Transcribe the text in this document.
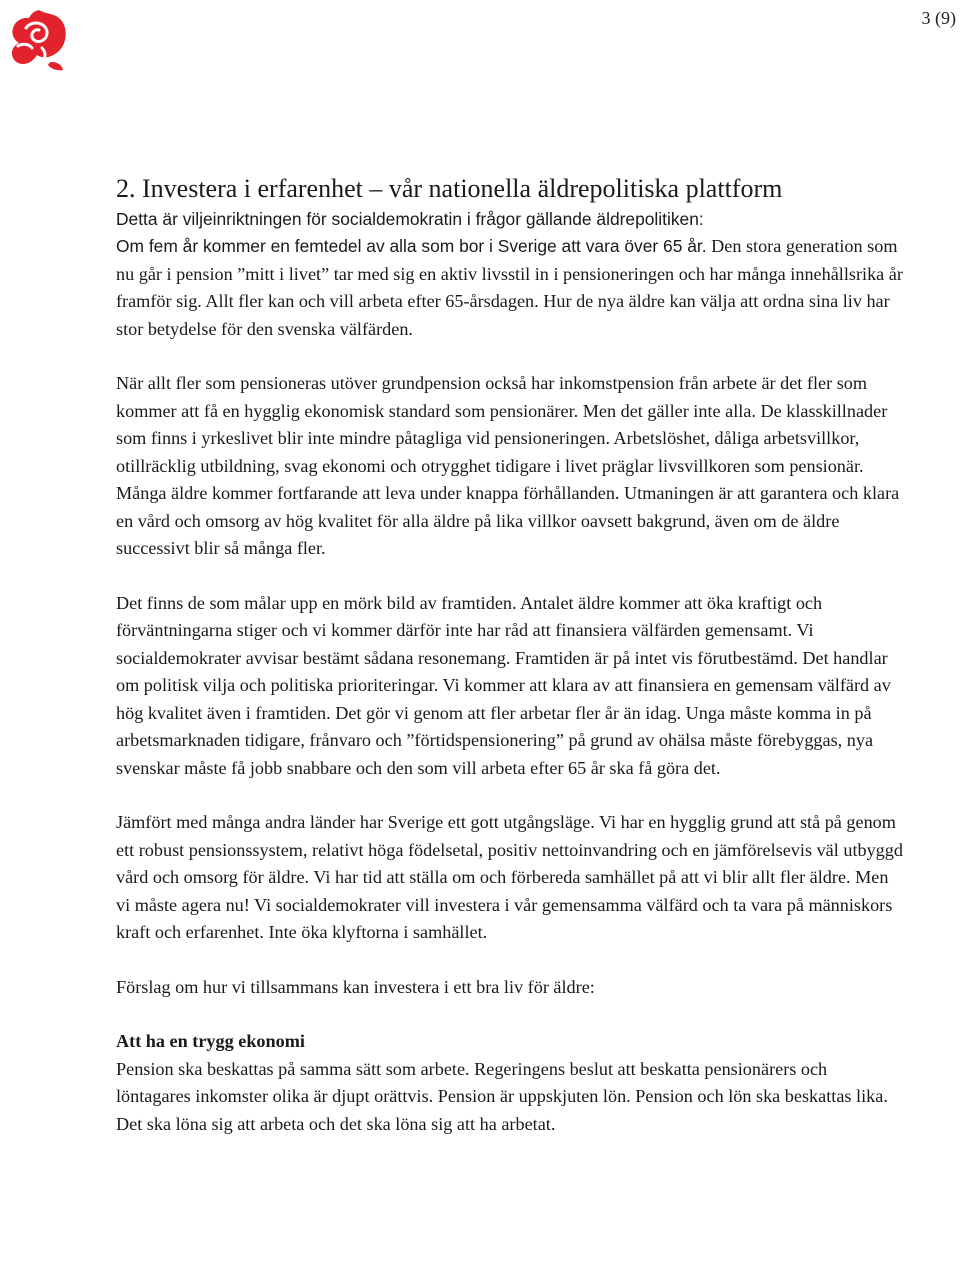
3 (9)
2. Investera i erfarenhet – vår nationella äldrepolitiska plattform
Detta är viljeinriktningen för socialdemokratin i frågor gällande äldrepolitiken:

Om fem år kommer en femtedel av alla som bor i Sverige att vara över 65 år. Den stora generation som nu går i pension ”mitt i livet” tar med sig en aktiv livsstil in i pensioneringen och har många innehållsrika år framför sig. Allt fler kan och vill arbeta efter 65-årsdagen. Hur de nya äldre kan välja att ordna sina liv har stor betydelse för den svenska välfärden.

När allt fler som pensioneras utöver grundpension också har inkomstpension från arbete är det fler som kommer att få en hygglig ekonomisk standard som pensionärer. Men det gäller inte alla. De klasskillnader som finns i yrkeslivet blir inte mindre påtagliga vid pensioneringen. Arbetslöshet, dåliga arbetsvillkor, otillräcklig utbildning, svag ekonomi och otrygghet tidigare i livet präglar livsvillkoren som pensionär. Många äldre kommer fortfarande att leva under knappa förhållanden. Utmaningen är att garantera och klara en vård och omsorg av hög kvalitet för alla äldre på lika villkor oavsett bakgrund, även om de äldre successivt blir så många fler.

Det finns de som målar upp en mörk bild av framtiden. Antalet äldre kommer att öka kraftigt och förväntningarna stiger och vi kommer därför inte har råd att finansiera välfärden gemensamt. Vi socialdemokrater avvisar bestämt sådana resonemang. Framtiden är på intet vis förutbestämd. Det handlar om politisk vilja och politiska prioriteringar. Vi kommer att klara av att finansiera en gemensam välfärd av hög kvalitet även i framtiden. Det gör vi genom att fler arbetar fler år än idag. Unga måste komma in på arbetsmarknaden tidigare, frånvaro och ”förtidspensionering” på grund av ohälsa måste förebyggas, nya svenskar måste få jobb snabbare och den som vill arbeta efter 65 år ska få göra det.

Jämfört med många andra länder har Sverige ett gott utgångsläge. Vi har en hygglig grund att stå på genom ett robust pensionssystem, relativt höga födelsetal, positiv nettoinvandring och en jämförelsevis väl utbyggd vård och omsorg för äldre. Vi har tid att ställa om och förbereda samhället på att vi blir allt fler äldre. Men vi måste agera nu! Vi socialdemokrater vill investera i vår gemensamma välfärd och ta vara på människors kraft och erfarenhet. Inte öka klyftorna i samhället.

Förslag om hur vi tillsammans kan investera i ett bra liv för äldre:

Att ha en trygg ekonomi

Pension ska beskattas på samma sätt som arbete. Regeringens beslut att beskatta pensionärers och löntagares inkomster olika är djupt orättvis. Pension är uppskjuten lön. Pension och lön ska beskattas lika. Det ska löna sig att arbeta och det ska löna sig att ha arbetat.
